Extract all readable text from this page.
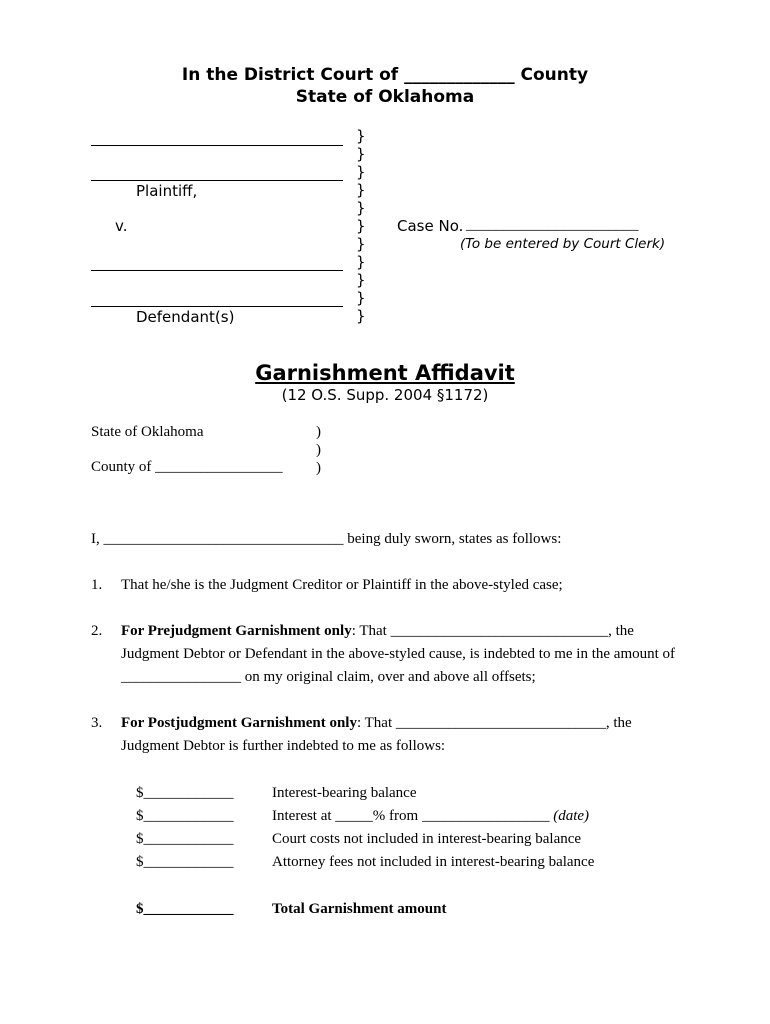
In the District Court of _____________ County
State of Oklahoma
Plaintiff,
v.
Defendant(s)
}
}
}
}
}
}
}
}
}
}
}
Case No. _______________________
(To be entered by Court Clerk)
Garnishment Affidavit
(12 O.S. Supp. 2004 §1172)
State of Oklahoma
County of _________________
)
)
)
I, ________________________________ being duly sworn, states as follows:
1. That he/she is the Judgment Creditor or Plaintiff in the above-styled case;
2. For Prejudgment Garnishment only: That _____________________________, the
Judgment Debtor or Defendant in the above-styled cause, is indebted to me in the amount of
________________ on my original claim, over and above all offsets;
3. For Postjudgment Garnishment only: That ____________________________, the
Judgment Debtor is further indebted to me as follows:
$____________	Interest-bearing balance
$____________	Interest at _____% from _________________ (date)
$____________	Court costs not included in interest-bearing balance
$____________	Attorney fees not included in interest-bearing balance
$____________	Total Garnishment amount
